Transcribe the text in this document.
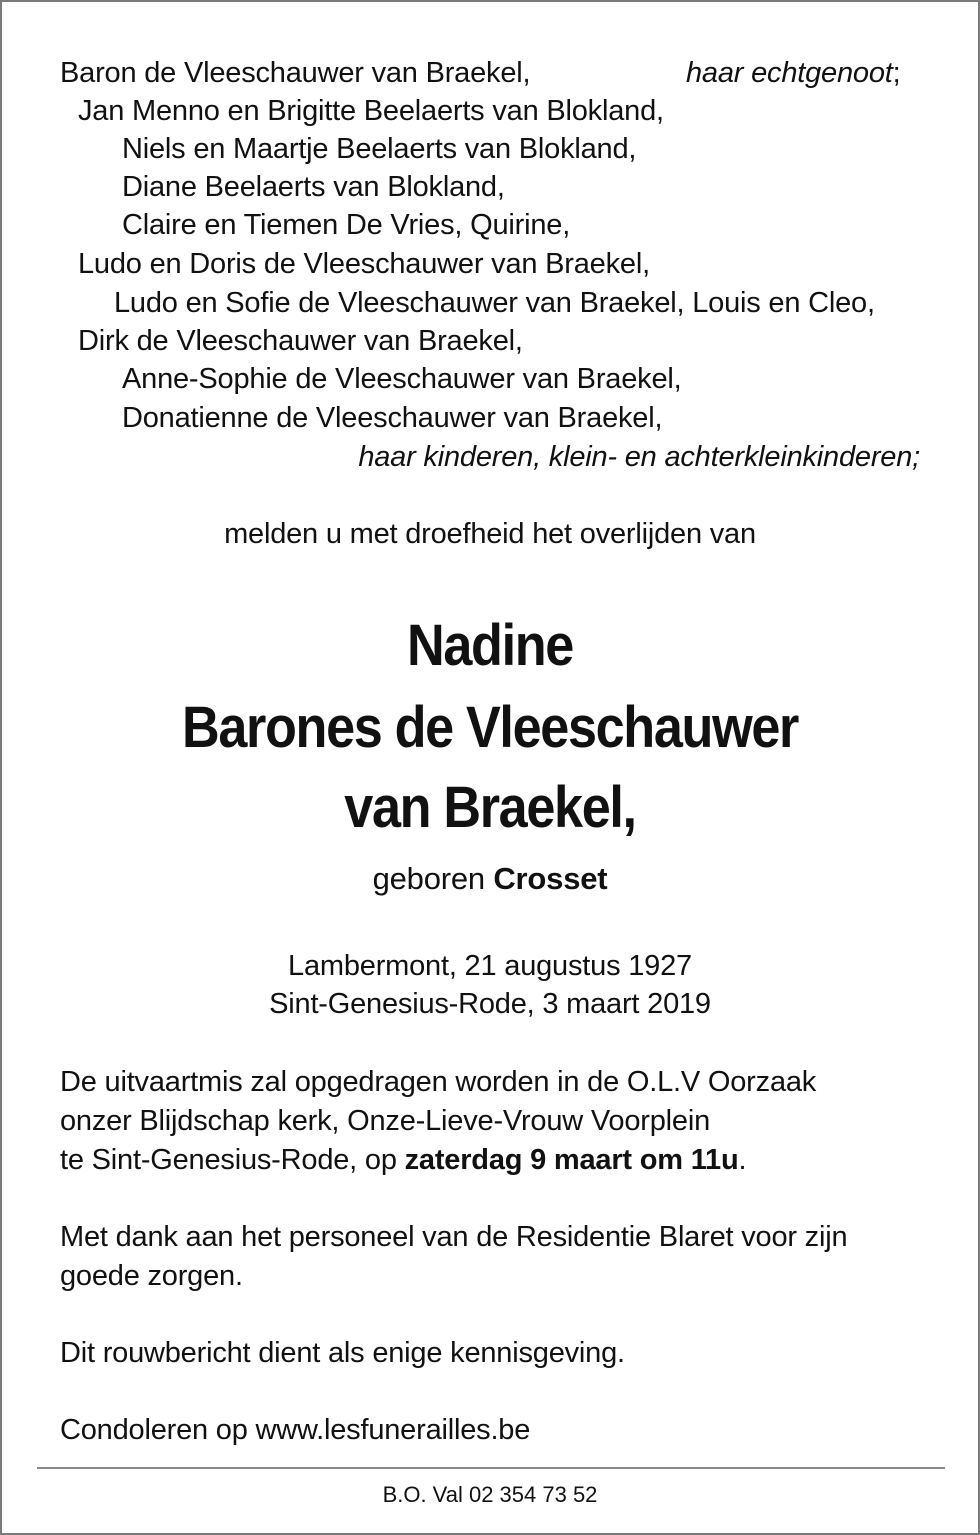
Baron de Vleeschauwer van Braekel,	haar echtgenoot;
Jan Menno en Brigitte Beelaerts van Blokland,
Niels en Maartje Beelaerts van Blokland,
Diane Beelaerts van Blokland,
Claire en Tiemen De Vries, Quirine,
Ludo en Doris de Vleeschauwer van Braekel,
Ludo en Sofie de Vleeschauwer van Braekel, Louis en Cleo,
Dirk de Vleeschauwer van Braekel,
Anne-Sophie de Vleeschauwer van Braekel,
Donatienne de Vleeschauwer van Braekel,
haar kinderen, klein- en achterkleinkinderen;
melden u met droefheid het overlijden van
Nadine
Barones de Vleeschauwer
van Braekel,
geboren Crosset
Lambermont, 21 augustus 1927
Sint-Genesius-Rode, 3 maart 2019
De uitvaartmis zal opgedragen worden in de O.L.V Oorzaak
onzer Blijdschap kerk, Onze-Lieve-Vrouw Voorplein
te Sint-Genesius-Rode, op zaterdag 9 maart om 11u.
Met dank aan het personeel van de Residentie Blaret voor zijn
goede zorgen.
Dit rouwbericht dient als enige kennisgeving.
Condoleren op www.lesfunerailles.be
B.O. Val 02 354 73 52
